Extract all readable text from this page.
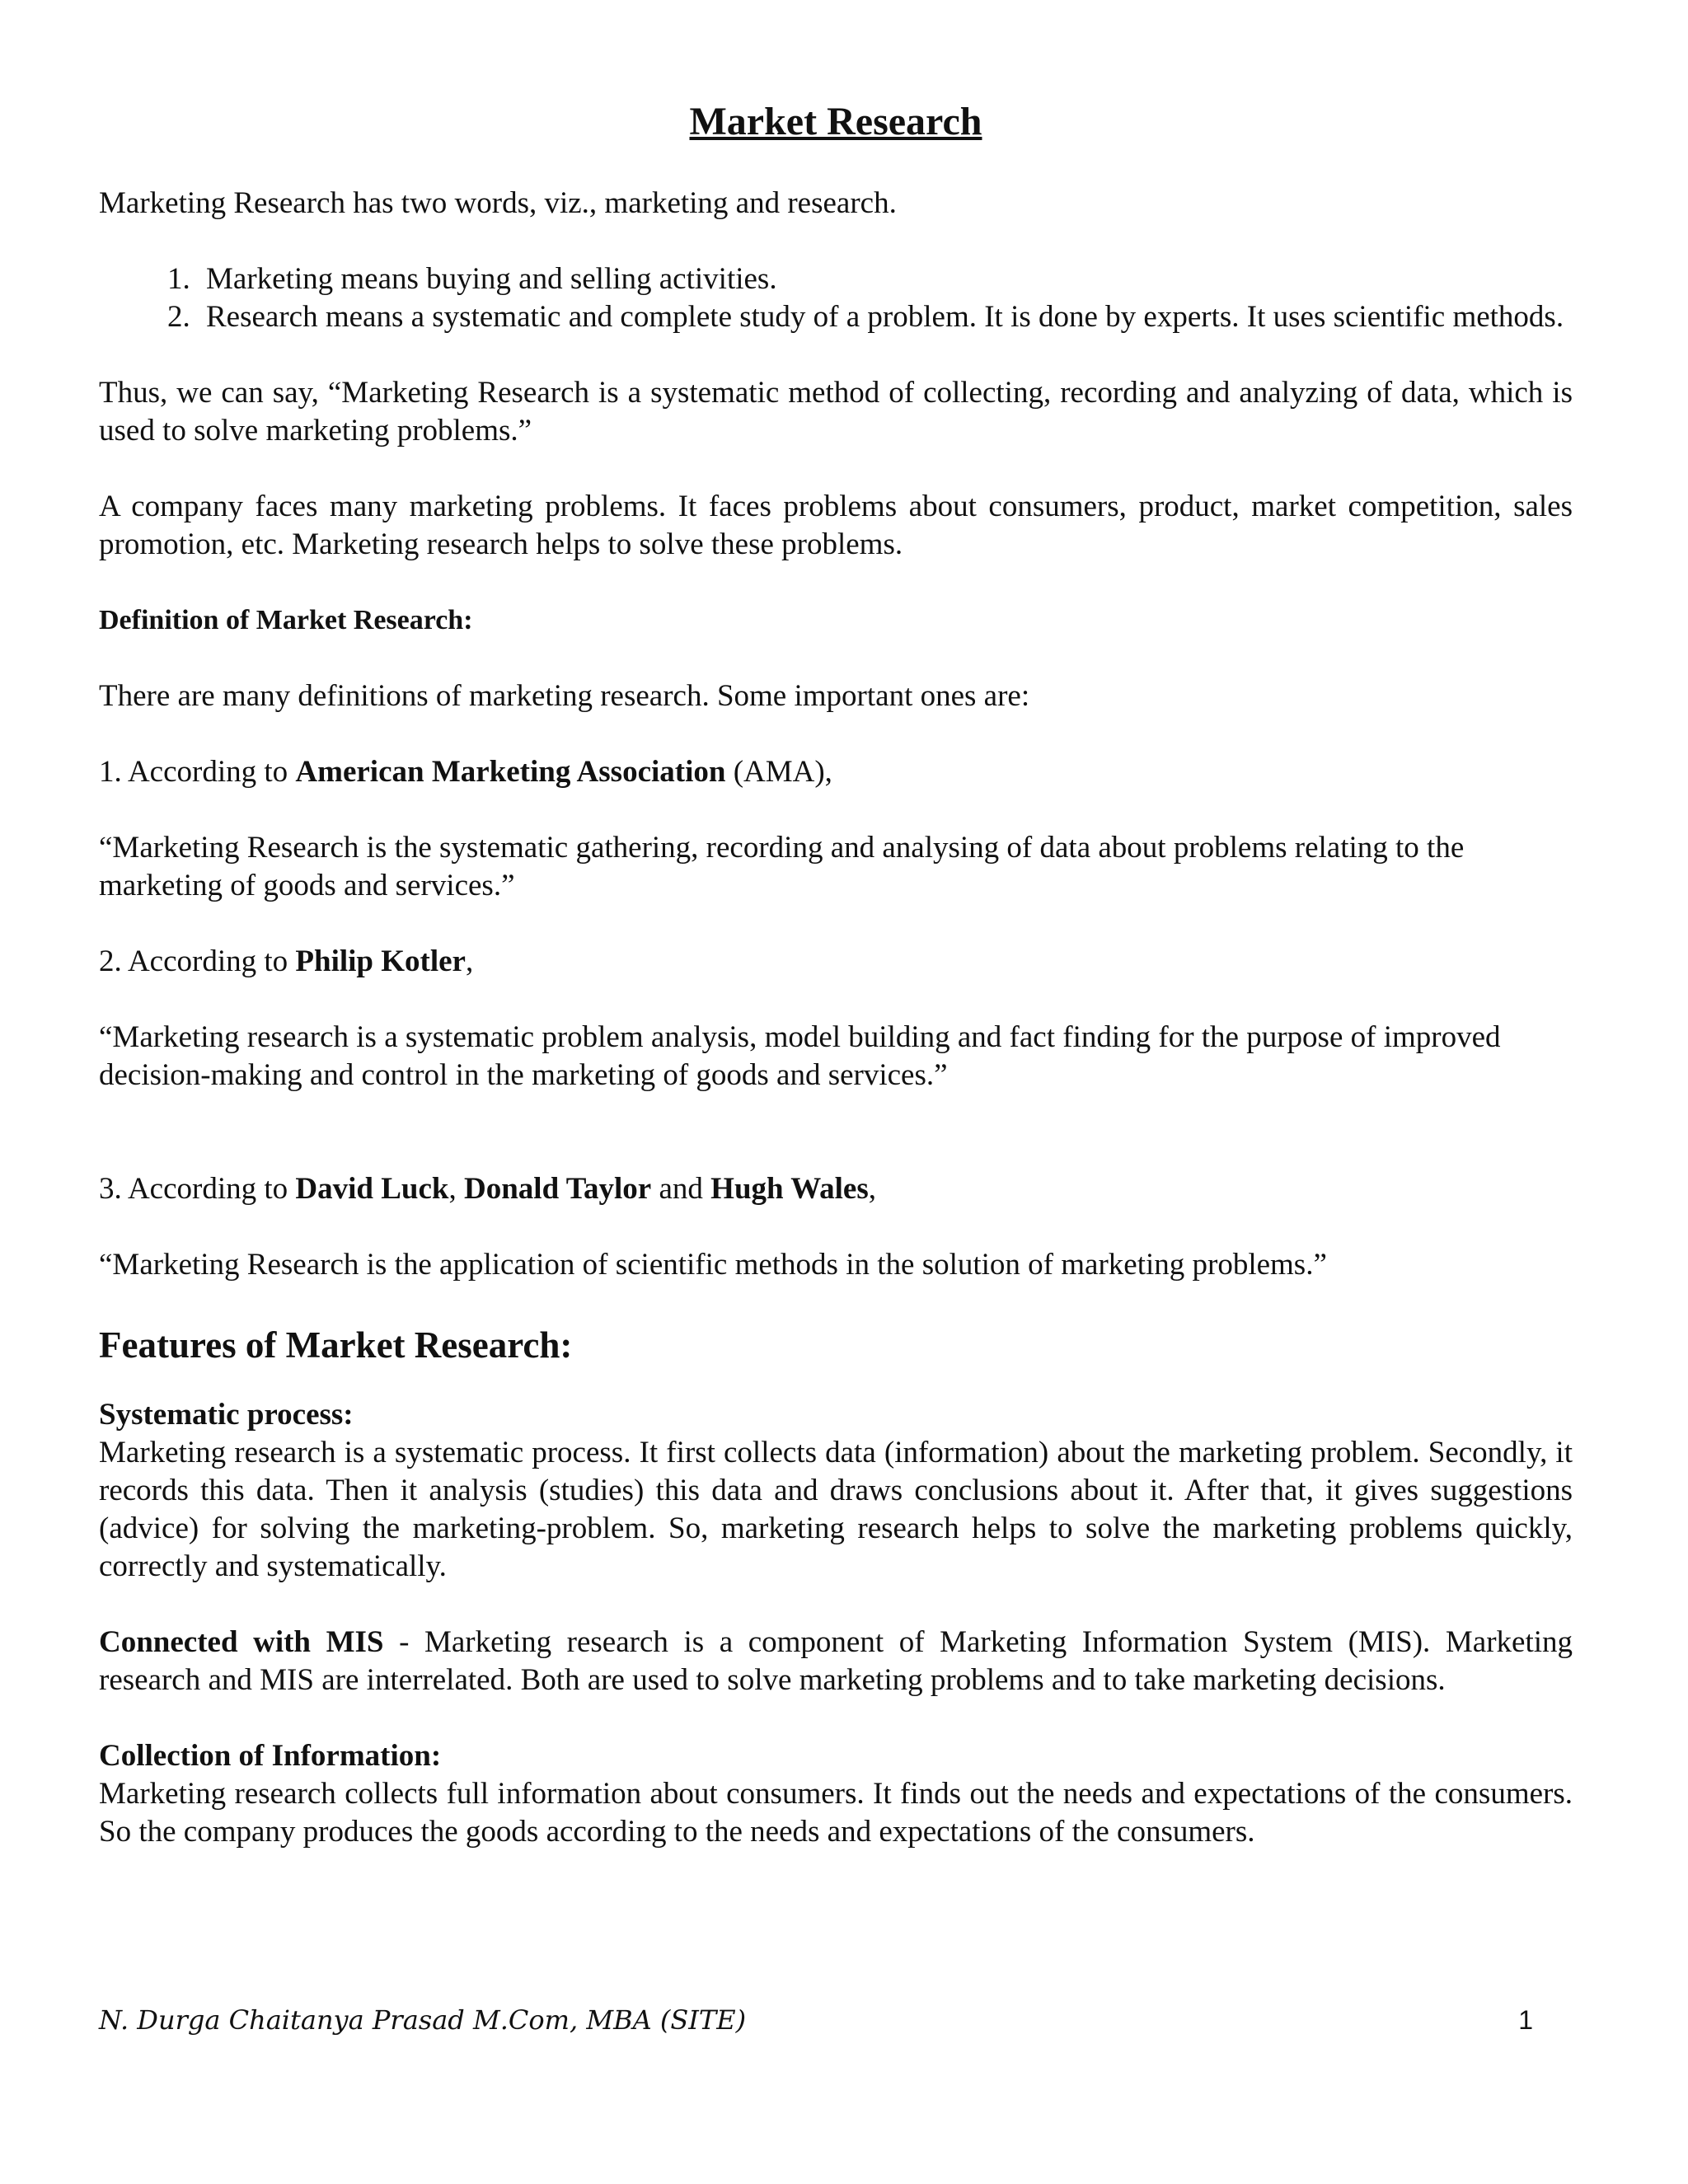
Market Research

Marketing Research has two words, viz., marketing and research.

1. Marketing means buying and selling activities.
2. Research means a systematic and complete study of a problem. It is done by experts. It uses scientific methods.

Thus, we can say, “Marketing Research is a systematic method of collecting, recording and analyzing of data, which is used to solve marketing problems.”

A company faces many marketing problems. It faces problems about consumers, product, market competition, sales promotion, etc. Marketing research helps to solve these problems.

Definition of Market Research:

There are many definitions of marketing research. Some important ones are:

1. According to American Marketing Association (AMA),

“Marketing Research is the systematic gathering, recording and analysing of data about problems relating to the marketing of goods and services.”

2. According to Philip Kotler,

“Marketing research is a systematic problem analysis, model building and fact finding for the purpose of improved decision-making and control in the marketing of goods and services.”

3. According to David Luck, Donald Taylor and Hugh Wales,

“Marketing Research is the application of scientific methods in the solution of marketing problems.”

Features of Market Research:
Systematic process:

Marketing research is a systematic process. It first collects data (information) about the marketing problem. Secondly, it records this data. Then it analysis (studies) this data and draws conclusions about it. After that, it gives suggestions (advice) for solving the marketing-problem. So, marketing research helps to solve the marketing problems quickly, correctly and systematically.

Connected with MIS - Marketing research is a component of Marketing Information System (MIS). Marketing research and MIS are interrelated. Both are used to solve marketing problems and to take marketing decisions.

Collection of Information:

Marketing research collects full information about consumers. It finds out the needs and expectations of the consumers. So the company produces the goods according to the needs and expectations of the consumers.

N. Durga Chaitanya Prasad M.Com, MBA (SITE)	1
